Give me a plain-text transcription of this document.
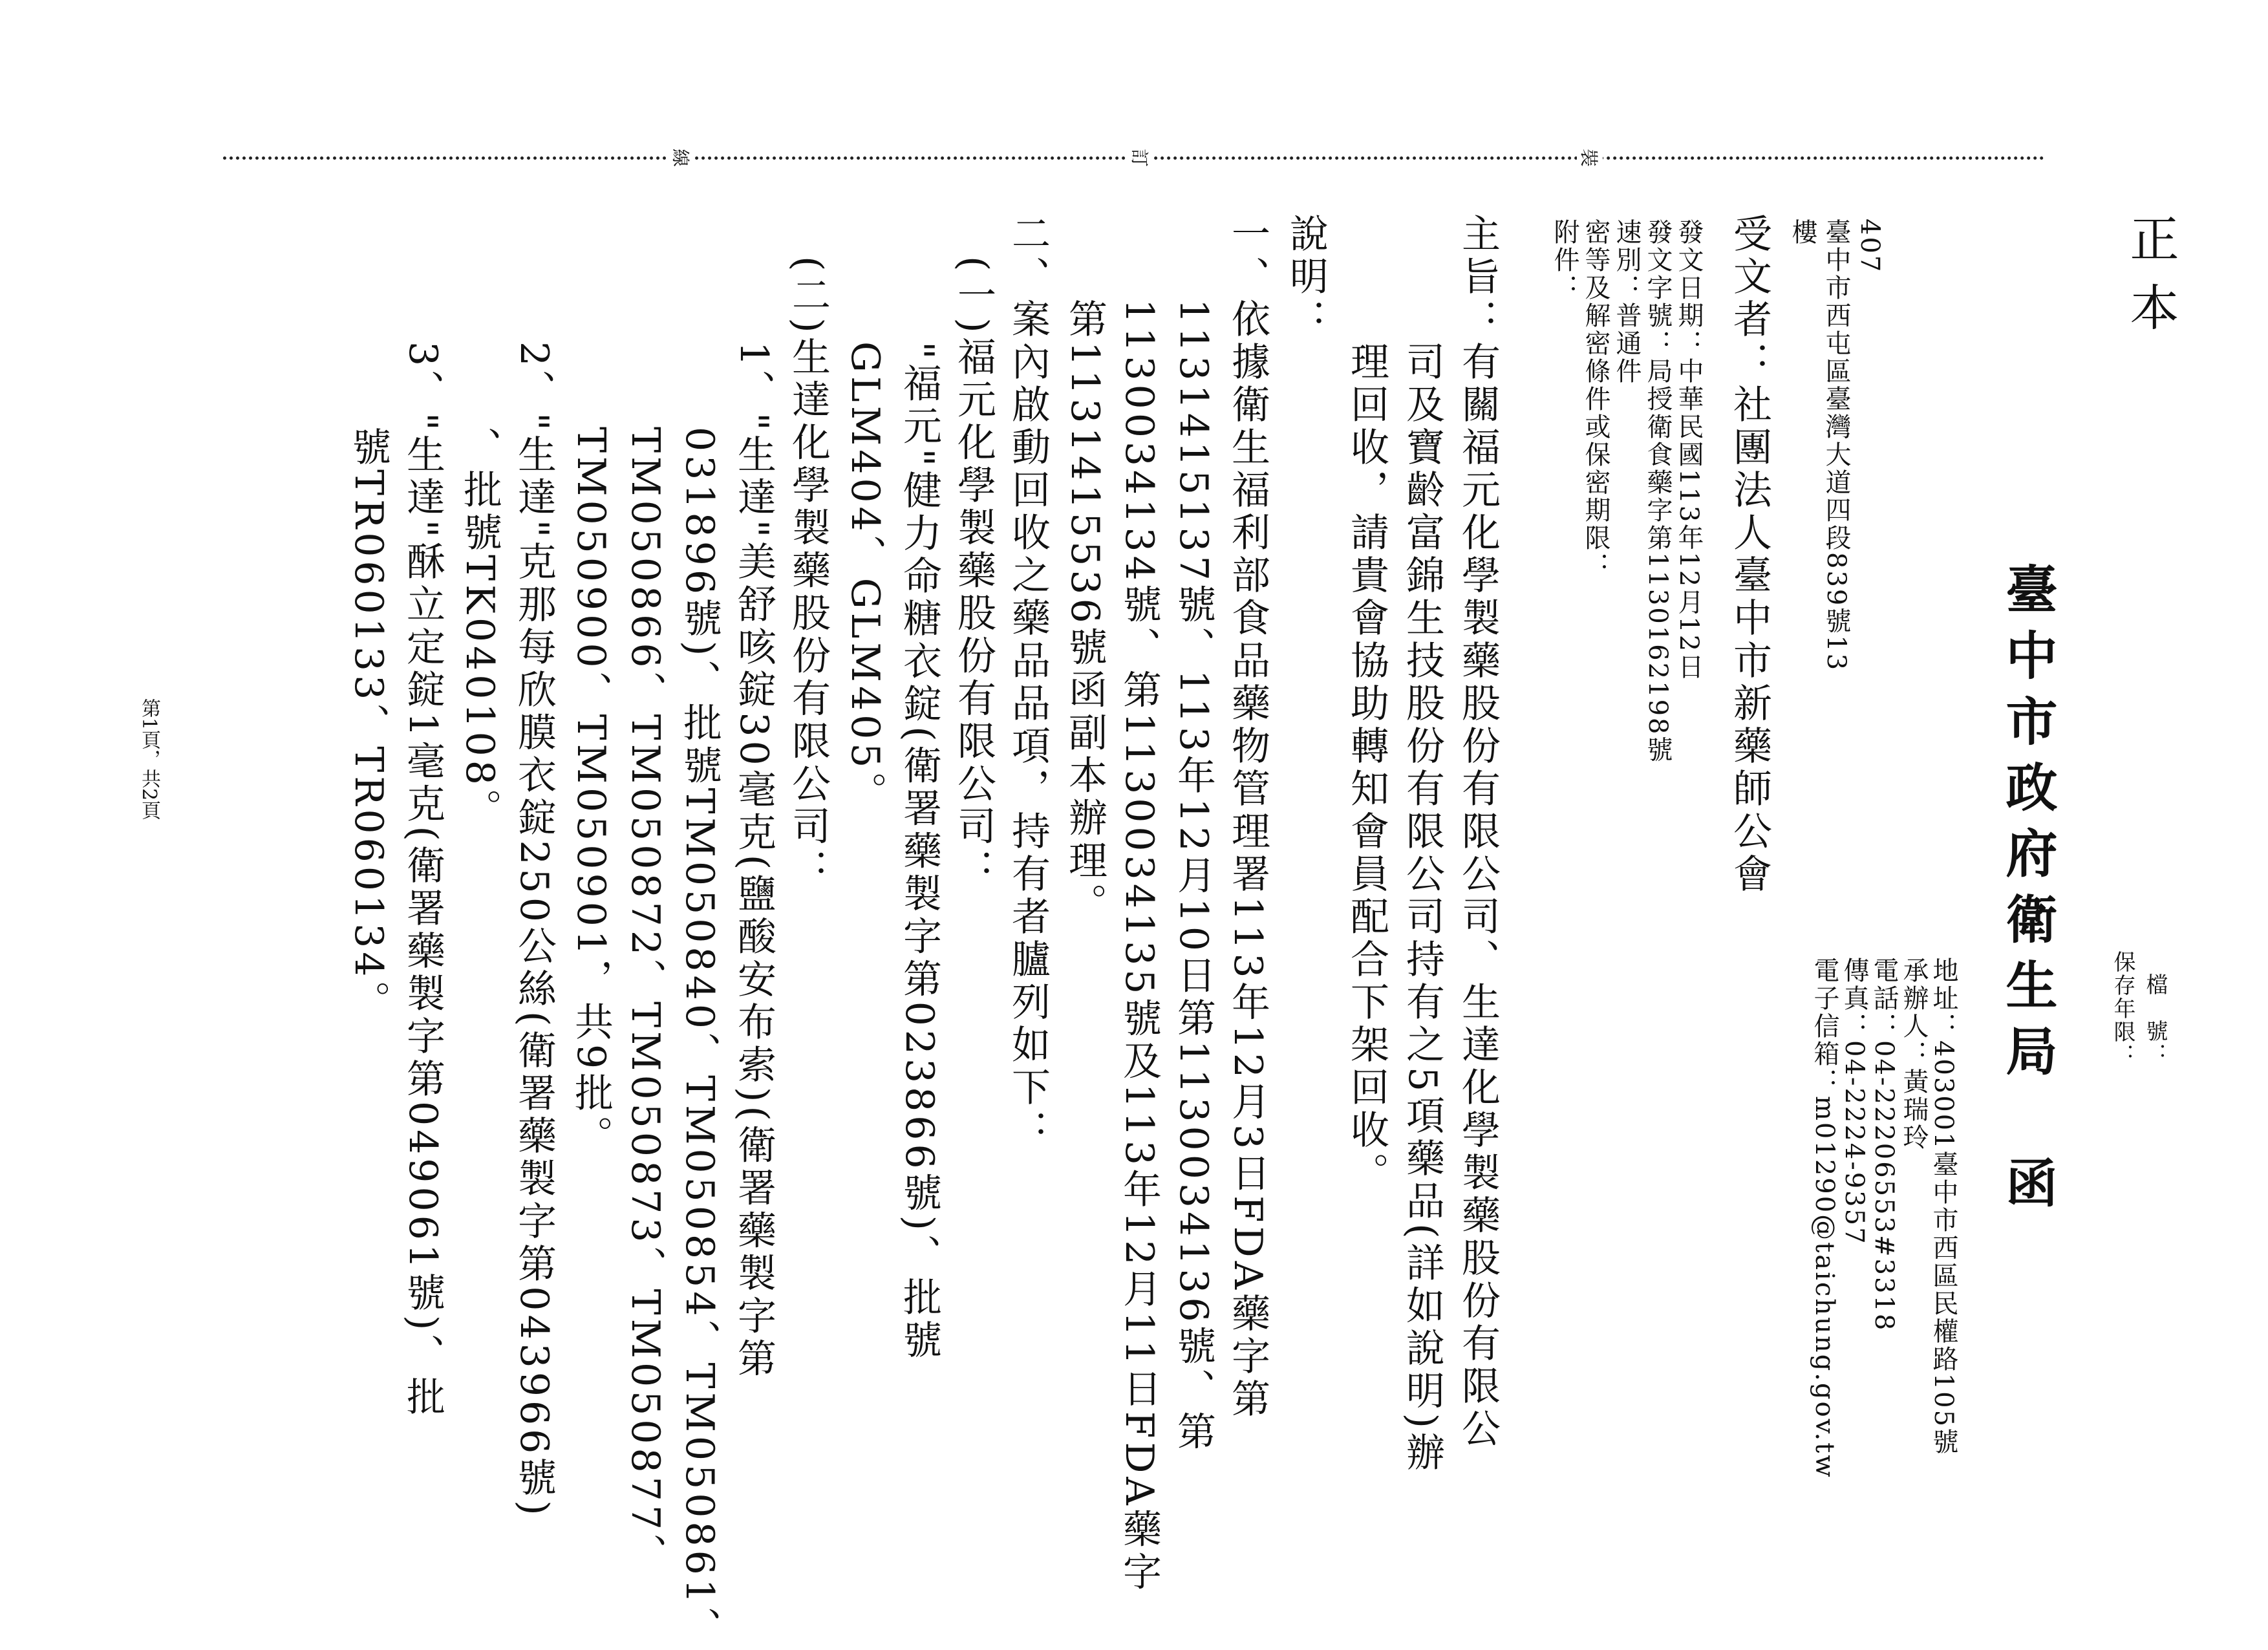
正本
檔　號：
保存年限：
臺中市政府衛生局　函
地址：403001臺中市西區民權路105號
承辦人：黃瑞玲
電話：04-22206553#3318
傳真：04-2224-9357
電子信箱：m01290@taichung.gov.tw
407
臺中市西屯區臺灣大道四段839號13
樓
受文者：社團法人臺中市新藥師公會
發文日期：中華民國113年12月12日
發文字號：局授衛食藥字第1130162198號
速別：普通件
密等及解密條件或保密期限：
附件：
主旨：有關福元化學製藥股份有限公司、生達化學製藥股份有限公
　　　司及寶齡富錦生技股份有限公司持有之5項藥品(詳如說明)辦
　　　理回收，請貴會協助轉知會員配合下架回收。
說明：
一、依據衛生福利部食品藥物管理署113年12月3日FDA藥字第
　　1131415137號、113年12月10日第1130034136號、第
　　1130034134號、第1130034135號及113年12月11日FDA藥字
　　第1131415536號函副本辦理。
二、案內啟動回收之藥品品項，持有者臚列如下：
　(一)福元化學製藥股份有限公司：
　　　"福元"健力命糖衣錠(衛署藥製字第023866號)、批號
　　　GLM404、GLM405。
　(二)生達化學製藥股份有限公司：
　　　1、"生達"美舒咳錠30毫克(鹽酸安布索)(衛署藥製字第
　　　　　031896號)、批號TM050840、TM050854、TM050861、
　　　　　TM050866、TM050872、TM050873、TM050877、
　　　　　TM050900、TM050901，共9批。
　　　2、"生達"克那每欣膜衣錠250公絲(衛署藥製字第043966號)
　　　　　、批號TK040108。
　　　3、"生達"酥立定錠1毫克(衛署藥製字第049061號)、批
　　　　　號TR060133、TR060134。
裝
訂
線
第1頁，共2頁
